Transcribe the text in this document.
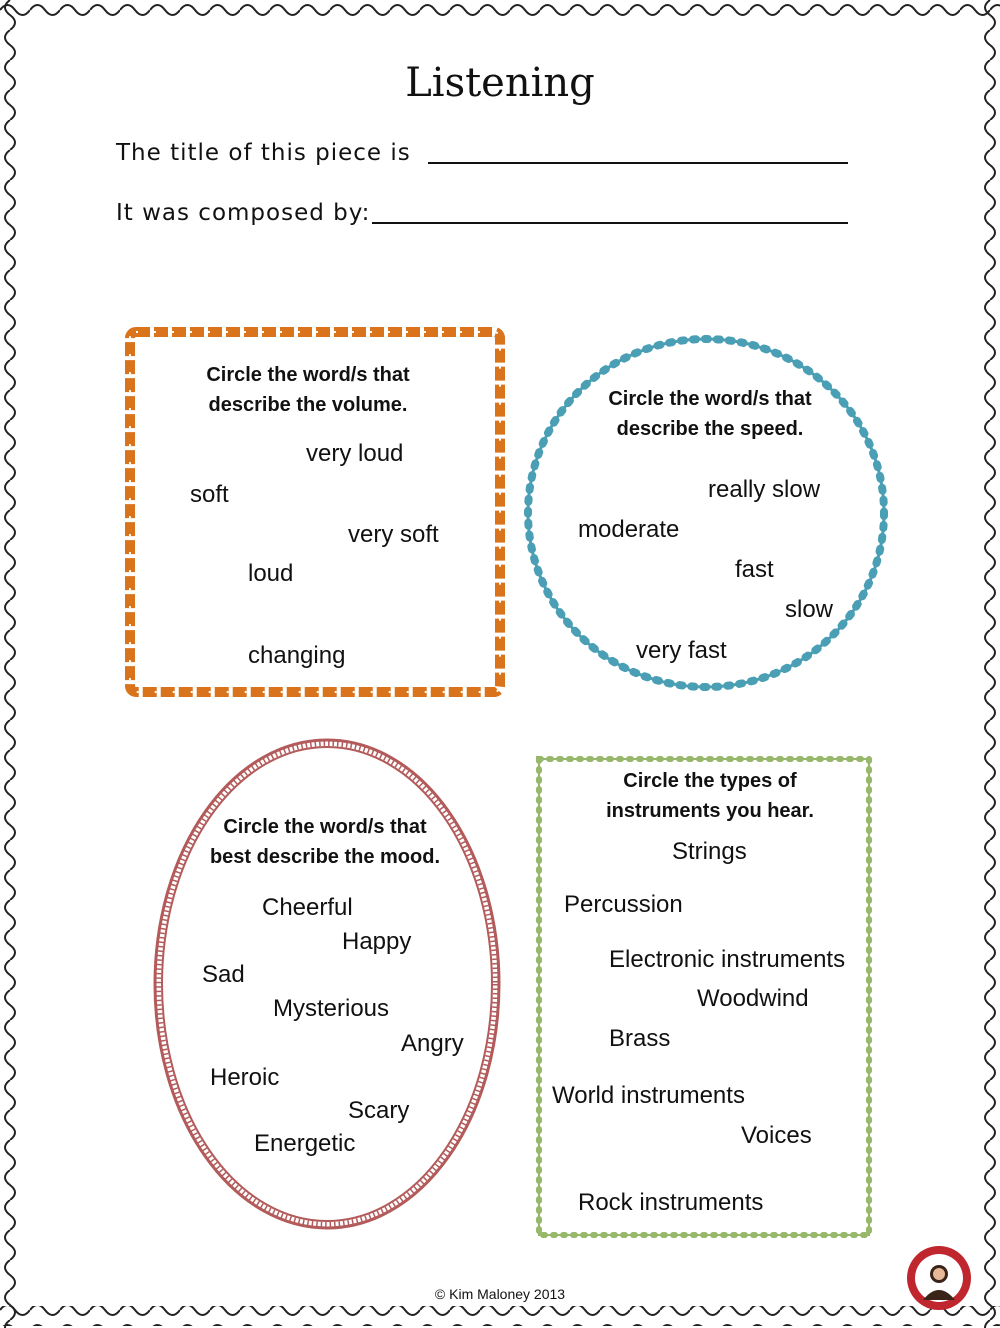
Listening
The title of this piece is
It was composed by:
Circle the word/s that
describe the volume.
very loud
soft
very soft
loud
changing
Circle the word/s that
describe the speed.
really slow
moderate
fast
slow
very fast
Circle the word/s that
best describe the mood.
Cheerful
Happy
Sad
Mysterious
Angry
Heroic
Scary
Energetic
Circle the types of
instruments you hear.
Strings
Percussion
Electronic instruments
Woodwind
Brass
World instruments
Voices
Rock instruments
© Kim Maloney 2013
